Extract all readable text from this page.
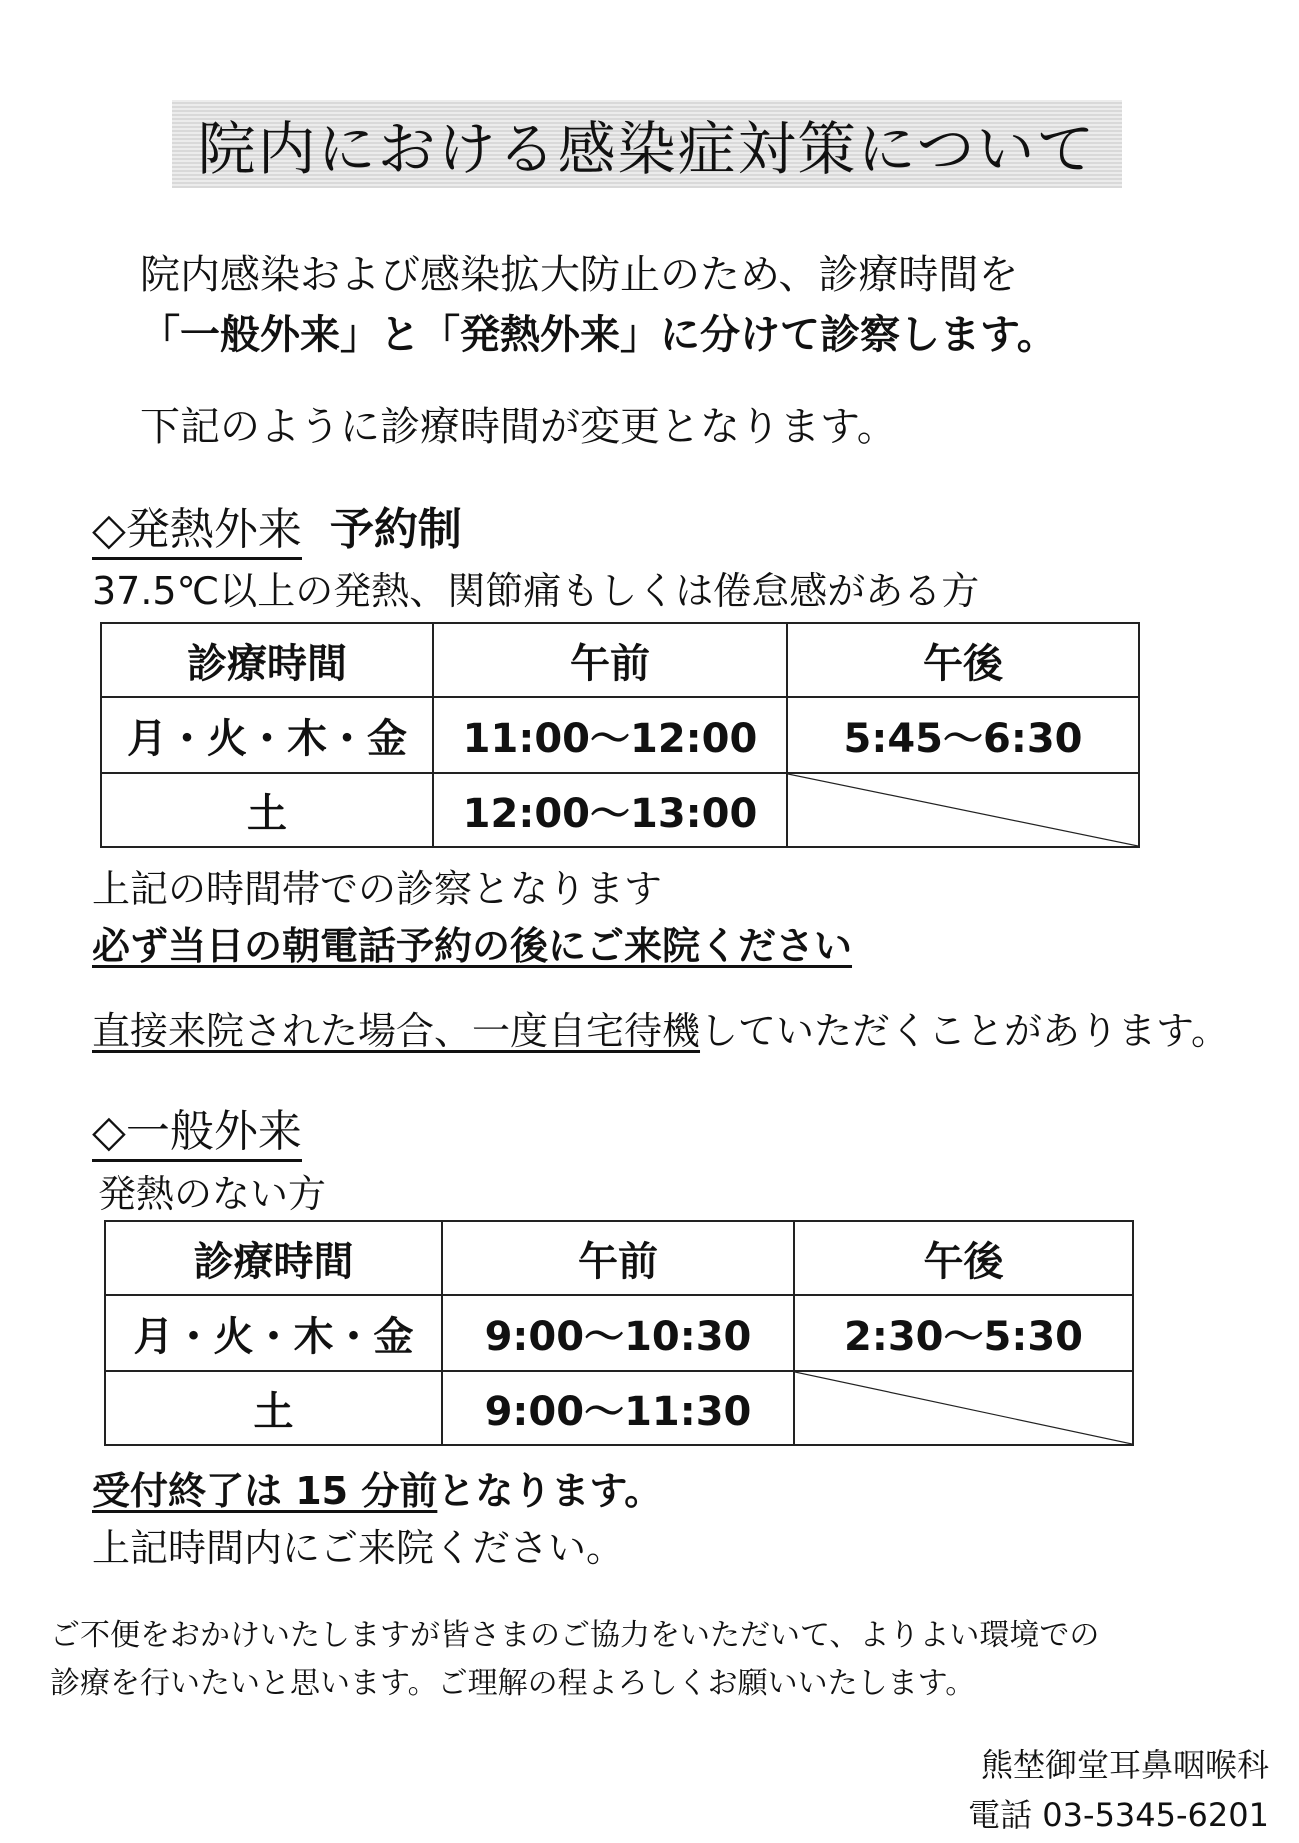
院内における感染症対策について
院内感染および感染拡大防止のため、診療時間を
「一般外来」と「発熱外来」に分けて診察します。
下記のように診療時間が変更となります。
◇発熱外来 予約制
37.5℃以上の発熱、関節痛もしくは倦怠感がある方
診療時間	午前	午後
月・火・木・金	11:00〜12:00	5:45〜6:30
土	12:00〜13:00	
上記の時間帯での診察となります
必ず当日の朝電話予約の後にご来院ください
直接来院された場合、一度自宅待機していただくことがあります。
◇一般外来
発熱のない方
診療時間	午前	午後
月・火・木・金	9:00〜10:30	2:30〜5:30
土	9:00〜11:30	
受付終了は 15 分前となります。
上記時間内にご来院ください。
ご不便をおかけいたしますが皆さまのご協力をいただいて、よりよい環境での
診療を行いたいと思います。ご理解の程よろしくお願いいたします。
熊埜御堂耳鼻咽喉科
電話 03-5345-6201
